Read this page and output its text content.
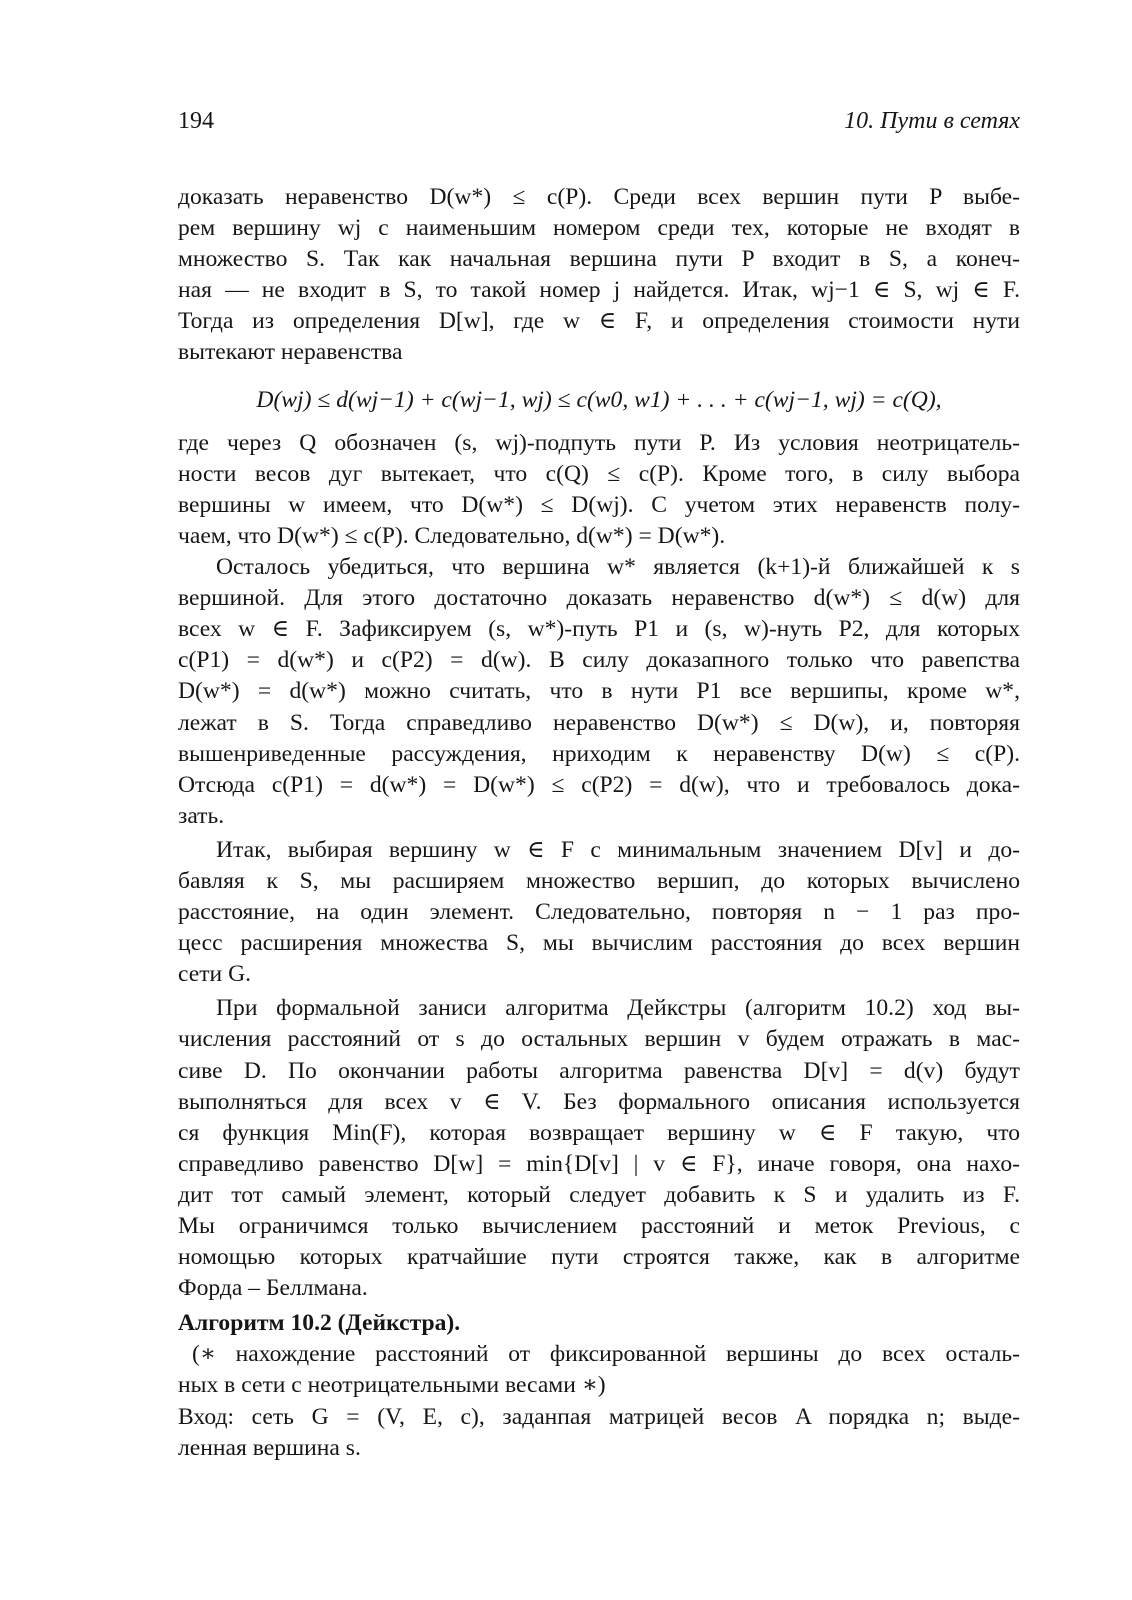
194	10. Пути в сетях

доказать неравенство D(w*) ≤ c(P). Среди всех вершин пути P выбе-
рем вершину wj с наименьшим номером среди тех, которые не входят в
множество S. Так как начальная вершина пути P входит в S, а конеч-
ная — не входит в S, то такой номер j найдется. Итак, wj−1 ∈ S, wj ∈ F.
Тогда из определения D[w], где w ∈ F, и определения стоимости нути
вытекают неравенства

D(wj) ≤ d(wj−1) + c(wj−1, wj) ≤ c(w0, w1) + . . . + c(wj−1, wj) = c(Q),

где через Q обозначен (s, wj)-подпуть пути P. Из условия неотрицатель-
ности весов дуг вытекает, что c(Q) ≤ c(P). Кроме того, в силу выбора
вершины w имеем, что D(w*) ≤ D(wj). С учетом этих неравенств полу-
чаем, что D(w*) ≤ c(P). Следовательно, d(w*) = D(w*).

Осталось убедиться, что вершина w* является (k+1)-й ближайшей к s
вершиной. Для этого достаточно доказать неравенство d(w*) ≤ d(w) для
всех w ∈ F. Зафиксируем (s, w*)-путь P1 и (s, w)-нуть P2, для которых
c(P1) = d(w*) и c(P2) = d(w). В силу доказапного только что равепства
D(w*) = d(w*) можно считать, что в нути P1 все вершипы, кроме w*,
лежат в S. Тогда справедливо неравенство D(w*) ≤ D(w), и, повторяя
вышенриведенные рассуждения, нриходим к неравенству D(w) ≤ c(P).
Отсюда c(P1) = d(w*) = D(w*) ≤ c(P2) = d(w), что и требовалось дока-
зать.

Итак, выбирая вершину w ∈ F с минимальным значением D[v] и до-
бавляя к S, мы расширяем множество вершип, до которых вычислено
расстояние, на один элемент. Следовательно, повторяя n − 1 раз про-
цесс расширения множества S, мы вычислим расстояния до всех вершин
сети G.

При формальной заниси алгоритма Дейкстры (алгоритм 10.2) ход вы-
числения расстояний от s до остальных вершин v будем отражать в мас-
сиве D. По окончании работы алгоритма равенства D[v] = d(v) будут
выполняться для всех v ∈ V. Без формального описания используется
ся функция Min(F), которая возвращает вершину w ∈ F такую, что
справедливо равенство D[w] = min{D[v] | v ∈ F}, иначе говоря, она нахо-
дит тот самый элемент, который следует добавить к S и удалить из F.
Мы ограничимся только вычислением расстояний и меток Previous, с
номощью которых кратчайшие пути строятся также, как в алгоритме
Форда – Беллмана.

Алгоритм 10.2 (Дейкстра).

(∗ нахождение расстояний от фиксированной вершины до всех осталь-
ных в сети с неотрицательными весами ∗)

Вход: сеть G = (V, E, c), заданпая матрицей весов A порядка n; выде-
ленная вершина s.
